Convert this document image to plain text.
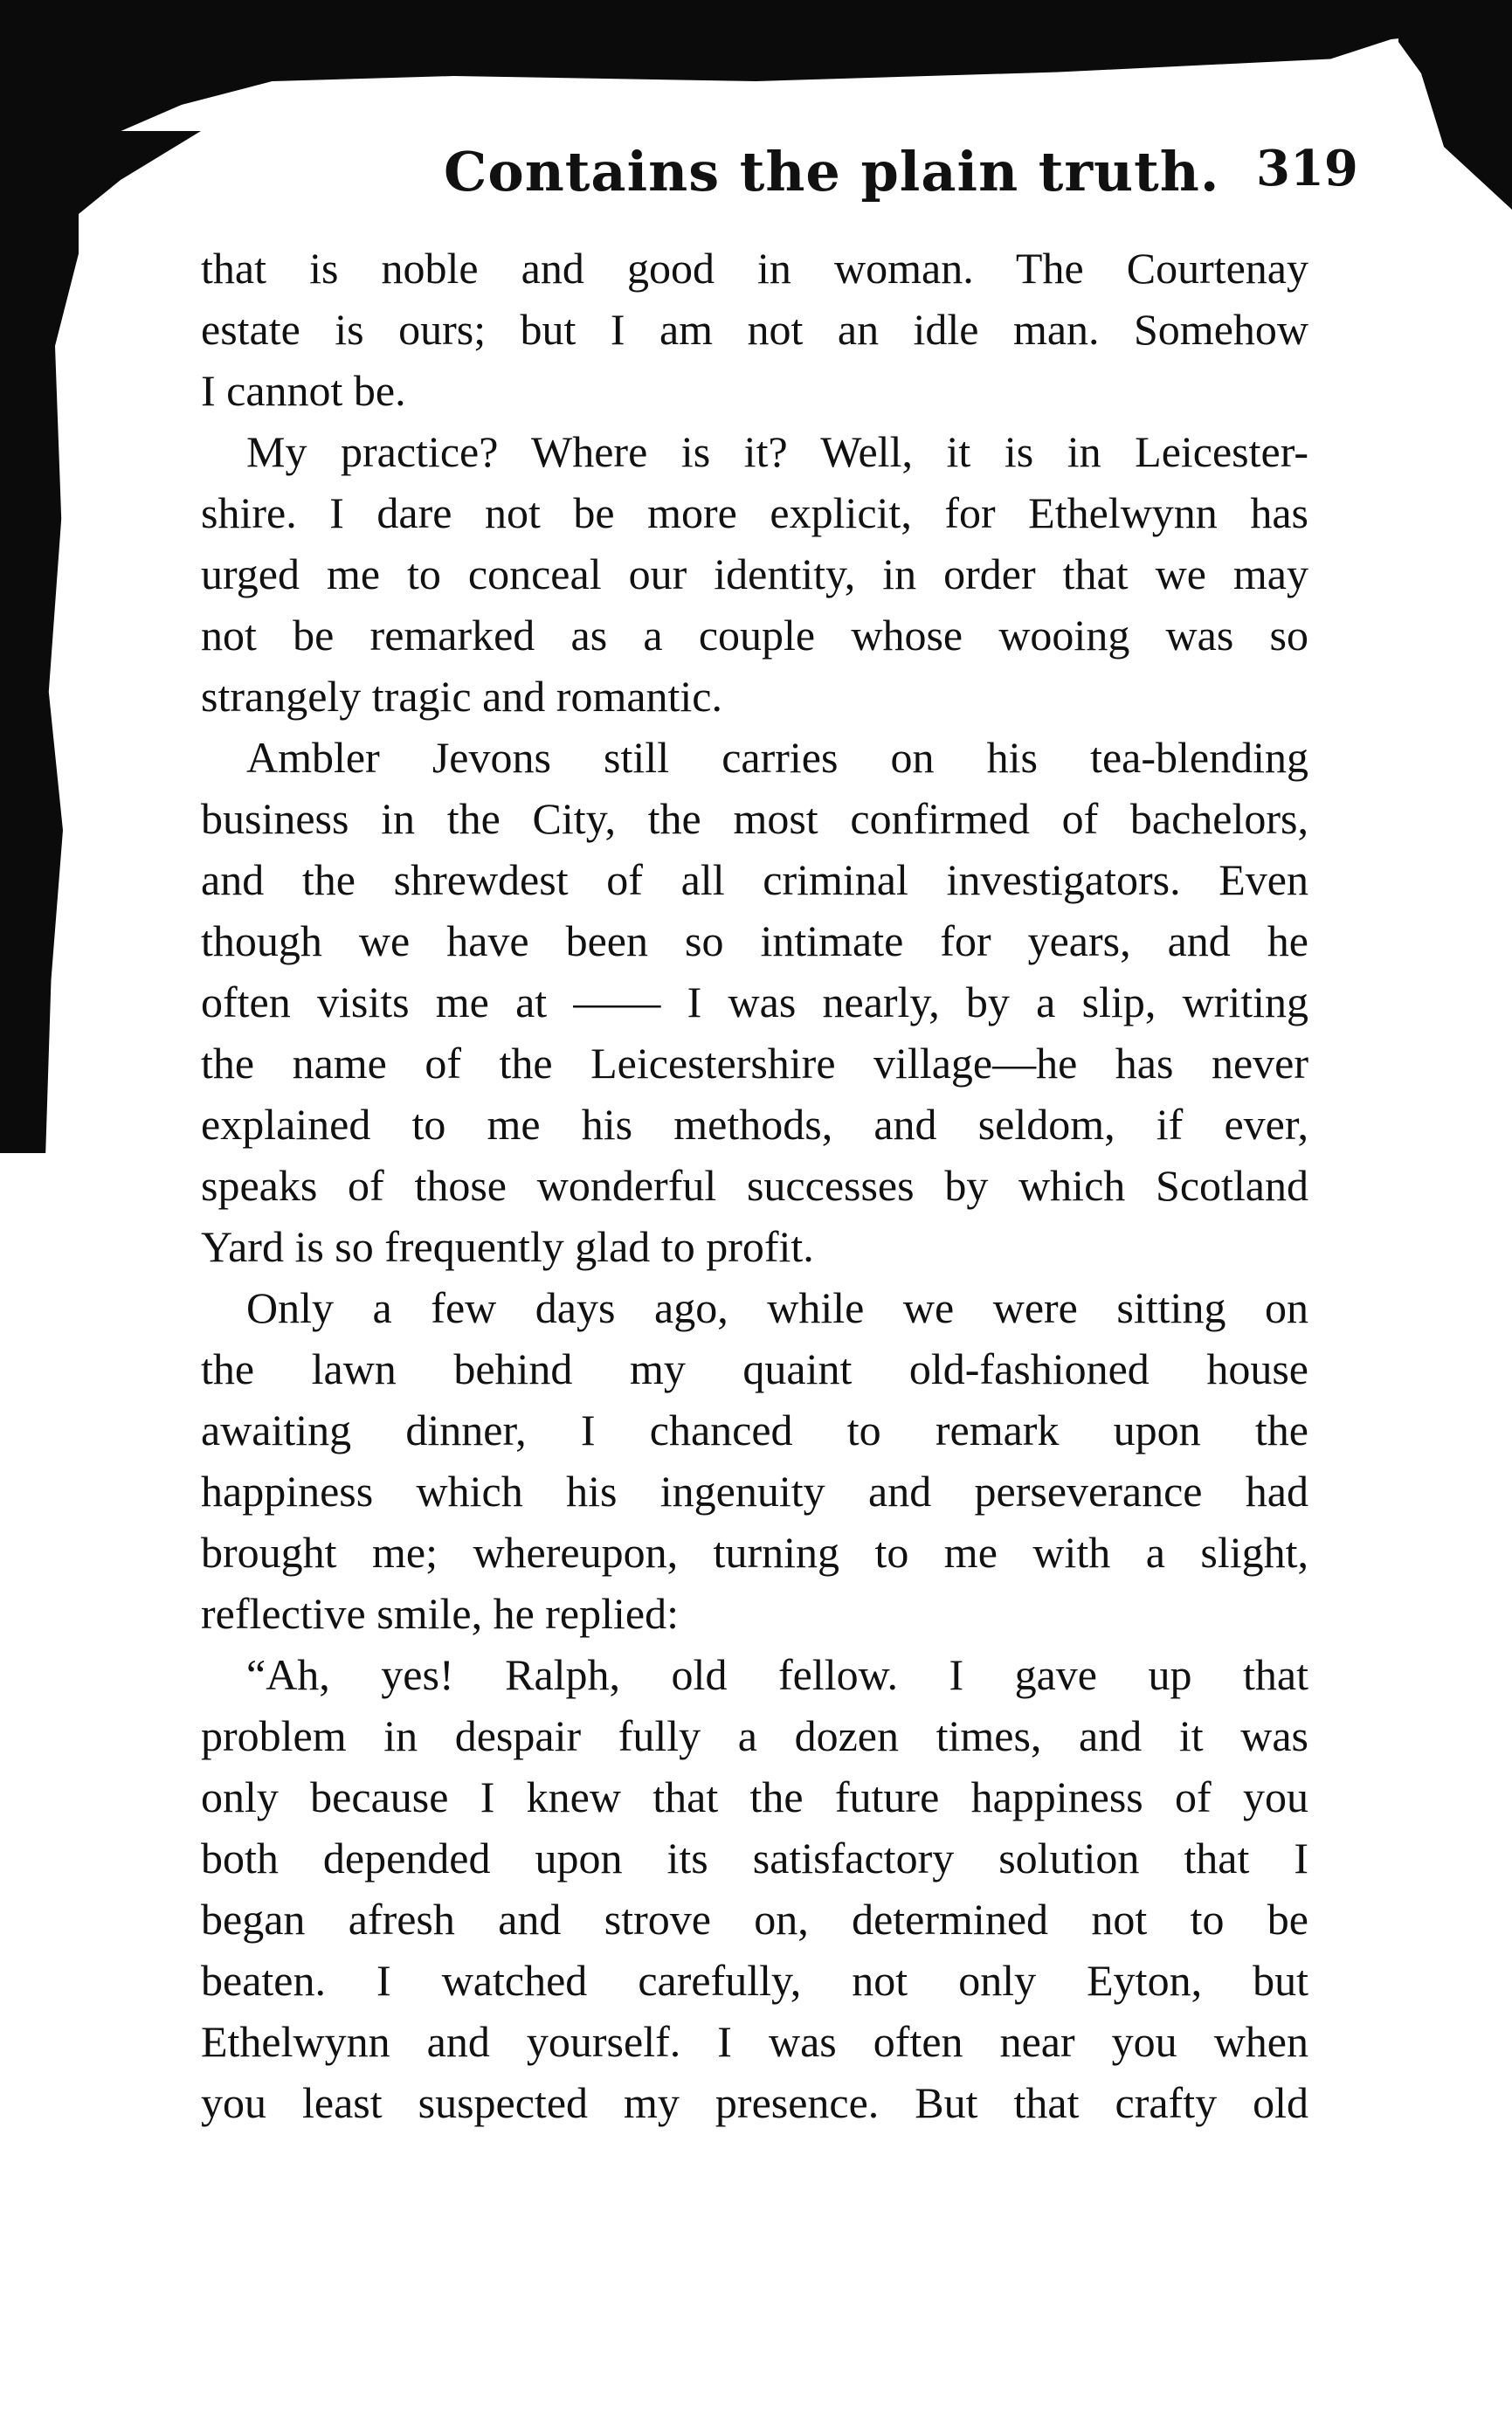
Contains the plain truth. 319
that is noble and good in woman. The Courtenay
estate is ours; but I am not an idle man. Somehow
I cannot be.
My practice? Where is it? Well, it is in Leicester-
shire. I dare not be more explicit, for Ethelwynn has
urged me to conceal our identity, in order that we may
not be remarked as a couple whose wooing was so
strangely tragic and romantic.
Ambler Jevons still carries on his tea-blending
business in the City, the most confirmed of bachelors,
and the shrewdest of all criminal investigators. Even
though we have been so intimate for years, and he
often visits me at —— I was nearly, by a slip, writing
the name of the Leicestershire village—he has never
explained to me his methods, and seldom, if ever,
speaks of those wonderful successes by which Scotland
Yard is so frequently glad to profit.
Only a few days ago, while we were sitting on
the lawn behind my quaint old-fashioned house
awaiting dinner, I chanced to remark upon the
happiness which his ingenuity and perseverance had
brought me; whereupon, turning to me with a slight,
reflective smile, he replied:
“Ah, yes! Ralph, old fellow. I gave up that
problem in despair fully a dozen times, and it was
only because I knew that the future happiness of you
both depended upon its satisfactory solution that I
began afresh and strove on, determined not to be
beaten. I watched carefully, not only Eyton, but
Ethelwynn and yourself. I was often near you when
you least suspected my presence. But that crafty old
